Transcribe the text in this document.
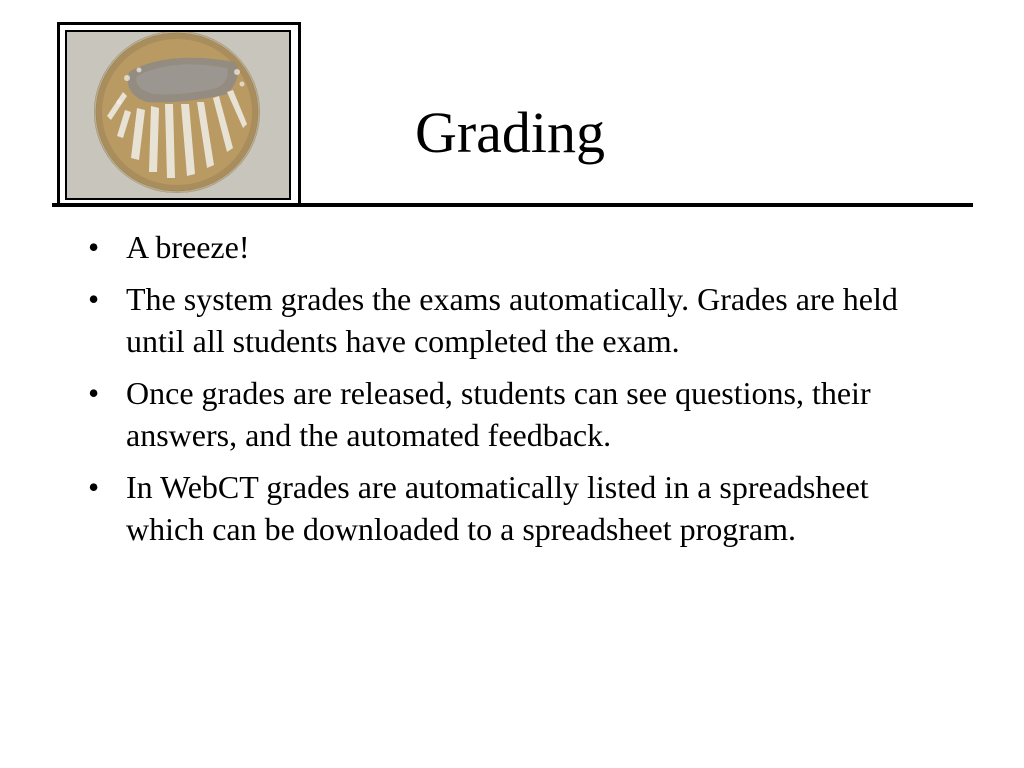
Grading
• A breeze!
• The system grades the exams automatically. Grades are held until all students have completed the exam.
• Once grades are released, students can see questions, their answers, and the automated feedback.
• In WebCT grades are automatically listed in a spreadsheet which can be downloaded to a spreadsheet program.
